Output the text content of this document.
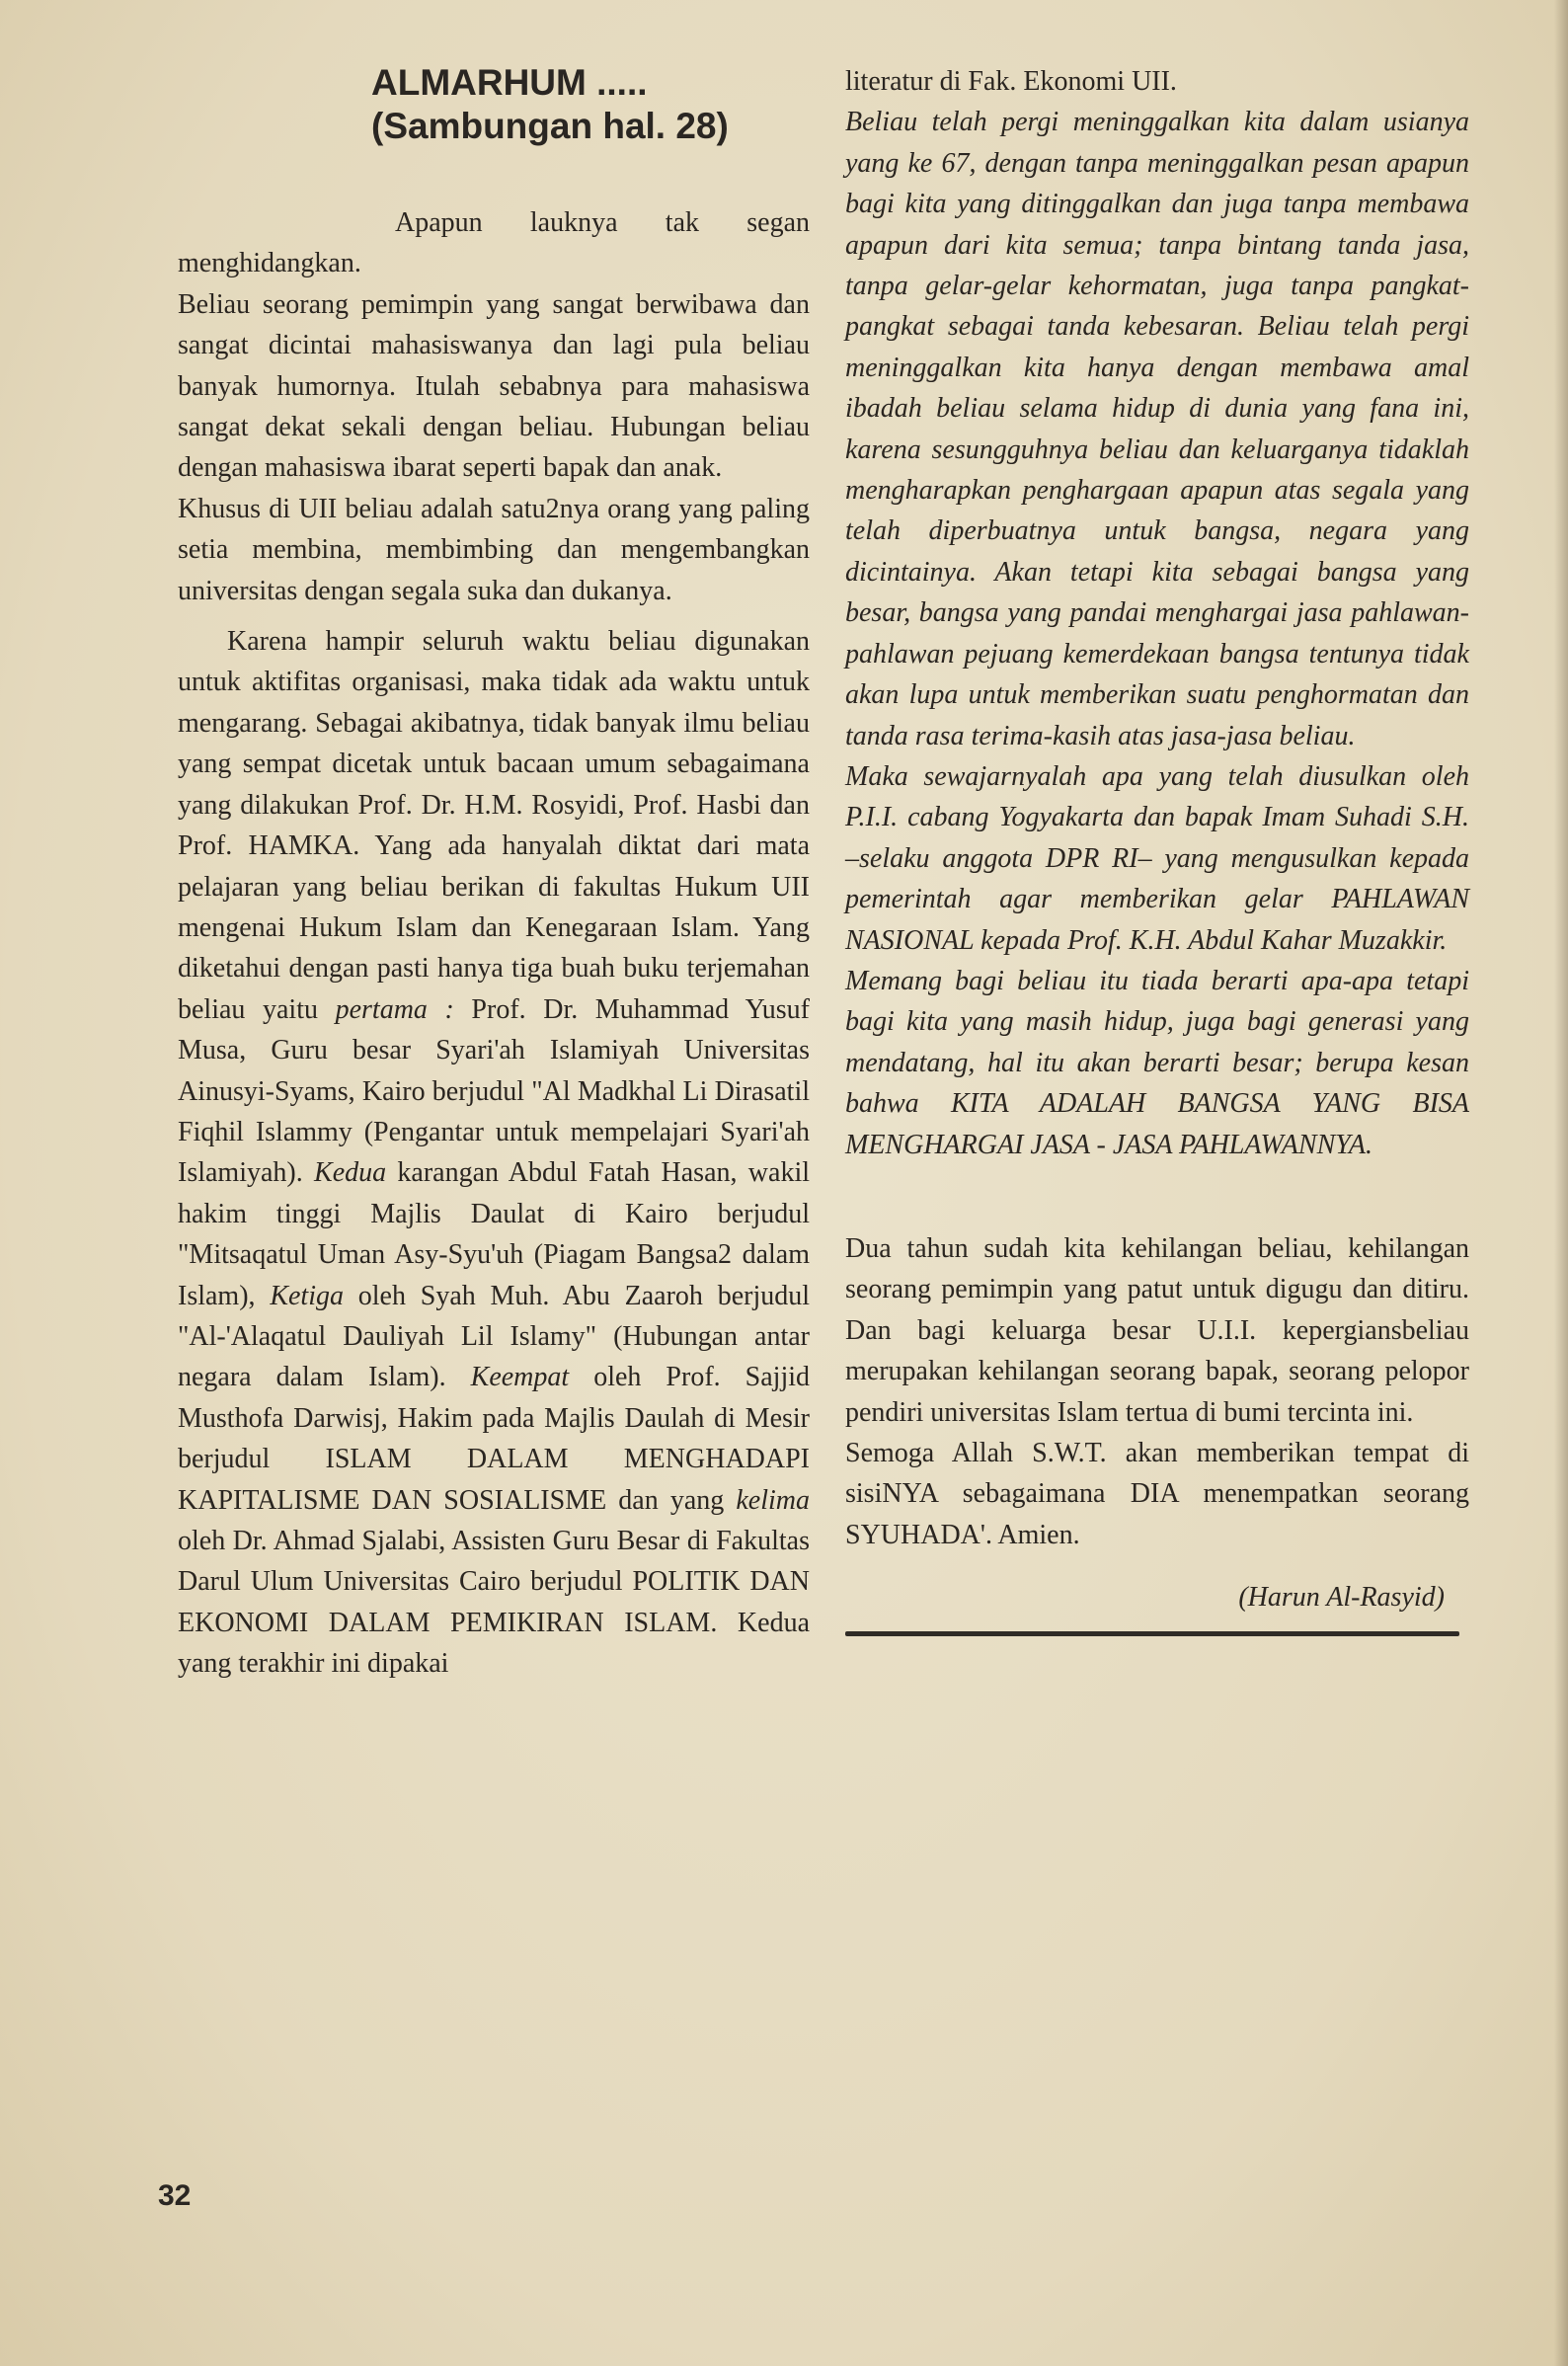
ALMARHUM .....
(Sambungan hal. 28)

Apapun lauknya tak segan menghidangkan.

Beliau seorang pemimpin yang sangat berwibawa dan sangat dicintai mahasiswanya dan lagi pula beliau banyak humornya. Itulah sebabnya para mahasiswa sangat dekat sekali dengan beliau. Hubungan beliau dengan mahasiswa ibarat seperti bapak dan anak.

Khusus di UII beliau adalah satu2nya orang yang paling setia membina, membimbing dan mengembangkan universitas dengan segala suka dan dukanya.

Karena hampir seluruh waktu beliau digunakan untuk aktifitas organisasi, maka tidak ada waktu untuk mengarang. Sebagai akibatnya, tidak banyak ilmu beliau yang sempat dicetak untuk bacaan umum sebagaimana yang dilakukan Prof. Dr. H.M. Rosyidi, Prof. Hasbi dan Prof. HAMKA. Yang ada hanyalah diktat dari mata pelajaran yang beliau berikan di fakultas Hukum UII mengenai Hukum Islam dan Kenegaraan Islam. Yang diketahui dengan pasti hanya tiga buah buku terjemahan beliau yaitu pertama : Prof. Dr. Muhammad Yusuf Musa, Guru besar Syari'ah Islamiyah Universitas Ainusyi-Syams, Kairo berjudul "Al Madkhal Li Dirasatil Fiqhil Islammy (Pengantar untuk mempelajari Syari'ah Islamiyah). Kedua karangan Abdul Fatah Hasan, wakil hakim tinggi Majlis Daulat di Kairo berjudul "Mitsaqatul Uman Asy-Syu'uh (Piagam Bangsa2 dalam Islam), Ketiga oleh Syah Muh. Abu Zaaroh berjudul "Al-'Alaqatul Dauliyah Lil Islamy" (Hubungan antar negara dalam Islam). Keempat oleh Prof. Sajjid Musthofa Darwisj, Hakim pada Majlis Daulah di Mesir berjudul ISLAM DALAM MENGHADAPI KAPITALISME DAN SOSIALISME dan yang kelima oleh Dr. Ahmad Sjalabi, Assisten Guru Besar di Fakultas Darul Ulum Universitas Cairo berjudul POLITIK DAN EKONOMI DALAM PEMIKIRAN ISLAM. Kedua yang terakhir ini dipakai

literatur di Fak. Ekonomi UII.

Beliau telah pergi meninggalkan kita dalam usianya yang ke 67, dengan tanpa meninggalkan pesan apapun bagi kita yang ditinggalkan dan juga tanpa membawa apapun dari kita semua; tanpa bintang tanda jasa, tanpa gelar-gelar kehormatan, juga tanpa pangkat-pangkat sebagai tanda kebesaran. Beliau telah pergi meninggalkan kita hanya dengan membawa amal ibadah beliau selama hidup di dunia yang fana ini, karena sesungguhnya beliau dan keluarganya tidaklah mengharapkan penghargaan apapun atas segala yang telah diperbuatnya untuk bangsa, negara yang dicintainya. Akan tetapi kita sebagai bangsa yang besar, bangsa yang pandai menghargai jasa pahlawan-pahlawan pejuang kemerdekaan bangsa tentunya tidak akan lupa untuk memberikan suatu penghormatan dan tanda rasa terima-kasih atas jasa-jasa beliau.

Maka sewajarnyalah apa yang telah diusulkan oleh P.I.I. cabang Yogyakarta dan bapak Imam Suhadi S.H. –selaku anggota DPR RI– yang mengusulkan kepada pemerintah agar memberikan gelar PAHLAWAN NASIONAL kepada Prof. K.H. Abdul Kahar Muzakkir.

Memang bagi beliau itu tiada berarti apa-apa tetapi bagi kita yang masih hidup, juga bagi generasi yang mendatang, hal itu akan berarti besar; berupa kesan bahwa KITA ADALAH BANGSA YANG BISA MENGHARGAI JASA - JASA PAHLAWANNYA.

Dua tahun sudah kita kehilangan beliau, kehilangan seorang pemimpin yang patut untuk digugu dan ditiru. Dan bagi keluarga besar U.I.I. kepergiansbeliau merupakan kehilangan seorang bapak, seorang pelopor pendiri universitas Islam tertua di bumi tercinta ini.

Semoga Allah S.W.T. akan memberikan tempat di sisiNYA sebagaimana DIA menempatkan seorang SYUHADA'. Amien.

(Harun Al-Rasyid)
32
